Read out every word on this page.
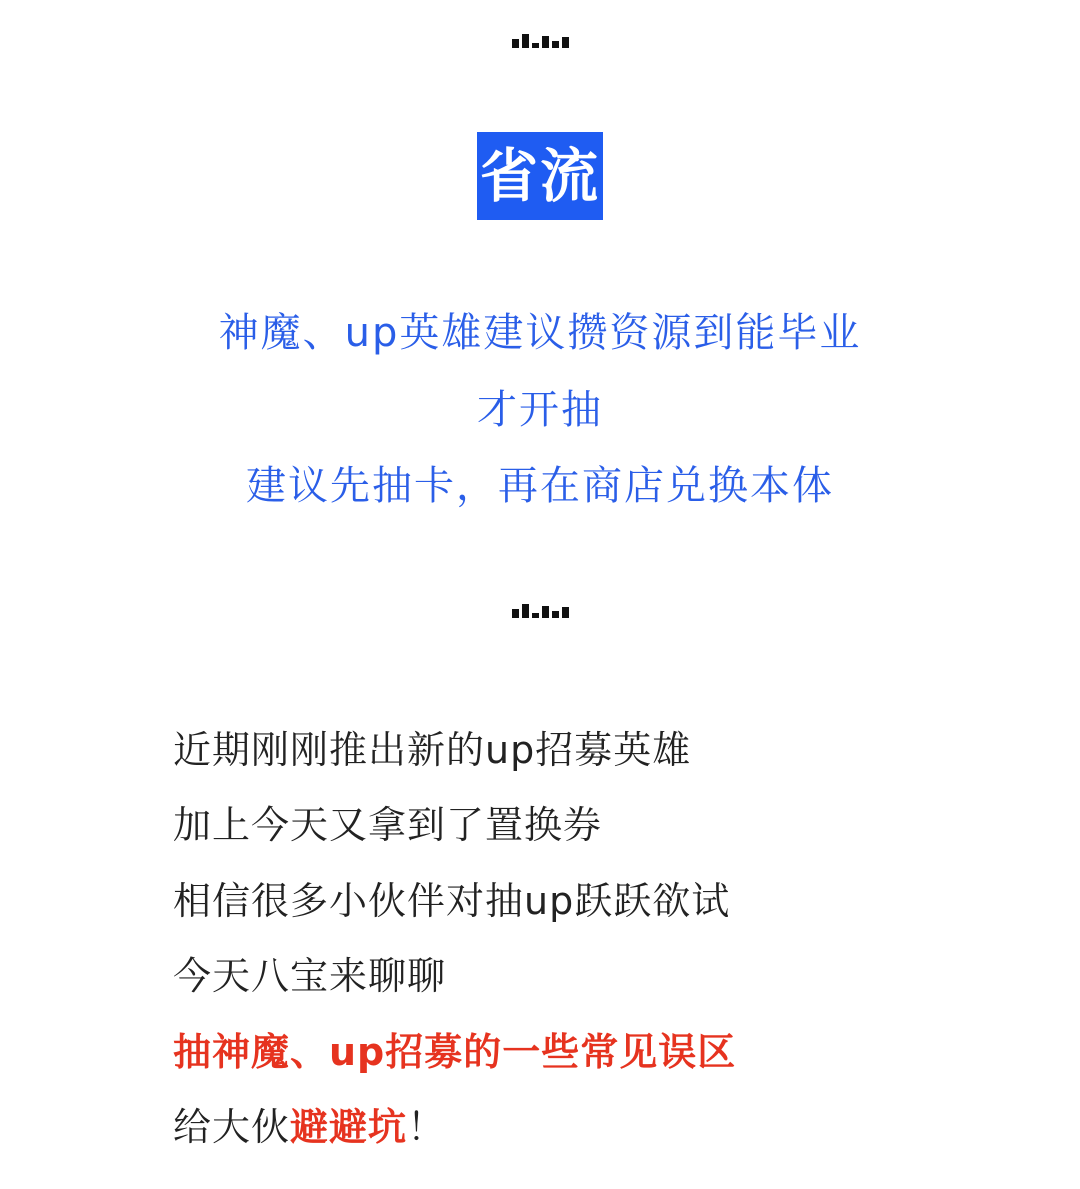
省流
神魔、up英雄建议攒资源到能毕业
才开抽
建议先抽卡，再在商店兑换本体
近期刚刚推出新的up招募英雄
加上今天又拿到了置换券
相信很多小伙伴对抽up跃跃欲试
今天八宝来聊聊
抽神魔、up招募的一些常见误区
给大伙避避坑！
